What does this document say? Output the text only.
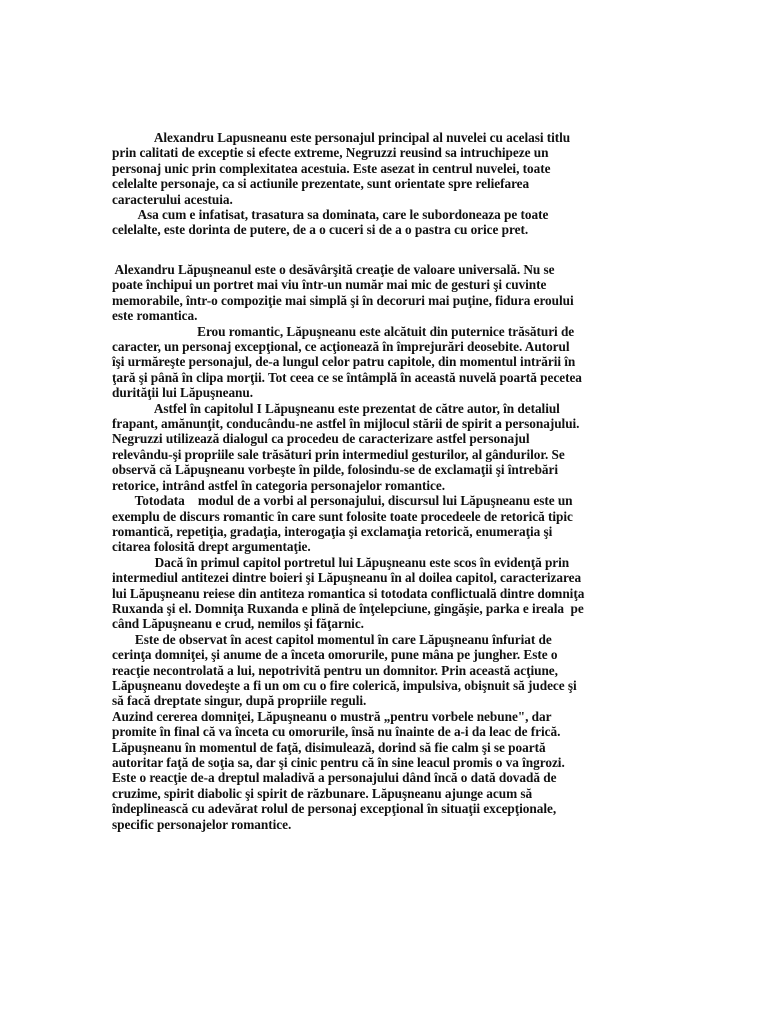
Alexandru Lapusneanu este personajul principal al nuvelei cu acelasi titlu
prin calitati de exceptie si efecte extreme, Negruzzi reusind sa intruchipeze un
personaj unic prin complexitatea acestuia. Este asezat in centrul nuvelei, toate
celelalte personaje, ca si actiunile prezentate, sunt orientate spre reliefarea
caracterului acestuia.

Asa cum e infatisat, trasatura sa dominata, care le subordoneaza pe toate
celelalte, este dorinta de putere, de a o cuceri si de a o pastra cu orice pret.

Alexandru Lăpuşneanul este o desăvârşită creaţie de valoare universală. Nu se
poate închipui un portret mai viu într-un număr mai mic de gesturi şi cuvinte
memorabile, într-o compoziţie mai simplă şi în decoruri mai puţine, fidura eroului
este romantica.

Erou romantic, Lăpuşneanu este alcătuit din puternice trăsături de
caracter, un personaj excepţional, ce acţionează în împrejurări deosebite. Autorul
îşi urmăreşte personajul, de-a lungul celor patru capitole, din momentul intrării în
ţară şi până în clipa morţii. Tot ceea ce se întâmplă în această nuvelă poartă pecetea
durităţii lui Lăpuşneanu.

Astfel în capitolul I Lăpuşneanu este prezentat de către autor, în detaliul
frapant, amănunţit, conducându-ne astfel în mijlocul stării de spirit a personajului.
Negruzzi utilizează dialogul ca procedeu de caracterizare astfel personajul
relevându-şi propriile sale trăsături prin intermediul gesturilor, al gândurilor. Se
observă că Lăpuşneanu vorbeşte în pilde, folosindu-se de exclamaţii şi întrebări
retorice, intrând astfel în categoria personajelor romantice.

Totodata    modul de a vorbi al personajului, discursul lui Lăpuşneanu este un
exemplu de discurs romantic în care sunt folosite toate procedeele de retorică tipic
romantică, repetiţia, gradaţia, interogaţia şi exclamaţia retorică, enumeraţia şi
citarea folosită drept argumentaţie.

Dacă în primul capitol portretul lui Lăpuşneanu este scos în evidenţă prin
intermediul antitezei dintre boieri şi Lăpuşneanu în al doilea capitol, caracterizarea
lui Lăpuşneanu reiese din antiteza romantica si totodata conflictuală dintre domniţa
Ruxanda şi el. Domniţa Ruxanda e plină de înţelepciune, gingăşie, parka e ireala  pe
când Lăpuşneanu e crud, nemilos şi făţarnic.

Este de observat în acest capitol momentul în care Lăpuşneanu înfuriat de
cerinţa domniţei, şi anume de a înceta omorurile, pune mâna pe jungher. Este o
reacţie necontrolată a lui, nepotrivită pentru un domnitor. Prin această acţiune,
Lăpuşneanu dovedeşte a fi un om cu o fire colerică, impulsiva, obişnuit să judece şi
să facă dreptate singur, după propriile reguli.

Auzind cererea domniţei, Lăpuşneanu o mustră „pentru vorbele nebune", dar
promite în final că va înceta cu omorurile, însă nu înainte de a-i da leac de frică.
Lăpuşneanu în momentul de faţă, disimulează, dorind să fie calm şi se poartă
autoritar faţă de soţia sa, dar şi cinic pentru că în sine leacul promis o va îngrozi.
Este o reacţie de-a dreptul maladivă a personajului dând încă o dată dovadă de
cruzime, spirit diabolic şi spirit de răzbunare. Lăpuşneanu ajunge acum să
îndeplinească cu adevărat rolul de personaj excepţional în situaţii excepţionale,
specific personajelor romantice.
